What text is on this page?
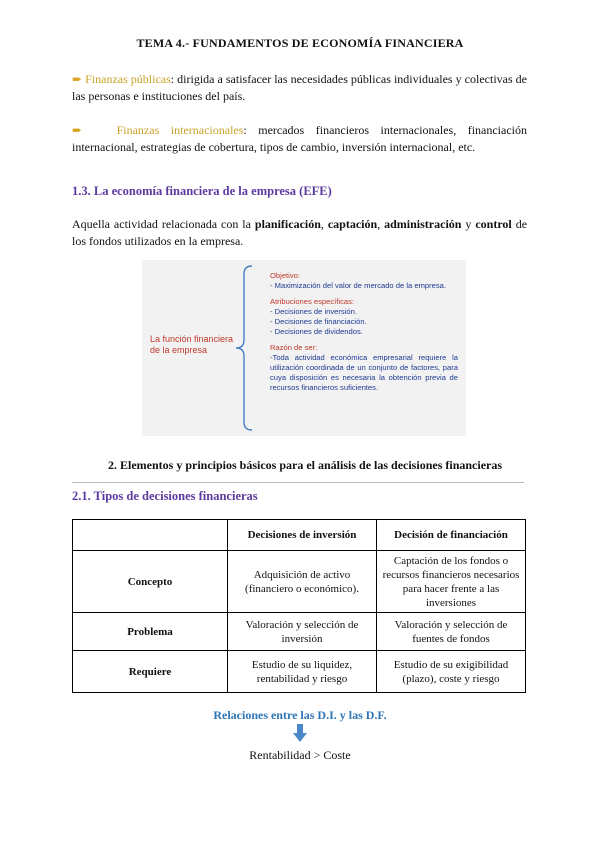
TEMA 4.- FUNDAMENTOS DE ECONOMÍA FINANCIERA
➨ Finanzas públicas: dirigida a satisfacer las necesidades públicas individuales y colectivas de las personas e instituciones del país.
➨	Finanzas internacionales: mercados financieros internacionales, financiación internacional, estrategias de cobertura, tipos de cambio, inversión internacional, etc.
1.3. La economía financiera de la empresa (EFE)
Aquella actividad relacionada con la planificación, captación, administración y control de los fondos utilizados en la empresa.
La función financiera
de la empresa
Objetivo:
- Maximización del valor de mercado de la empresa.
Atribuciones específicas:
- Decisiones de inversión.
- Decisiones de financiación.
- Decisiones de dividendos.
Razón de ser:
-Toda actividad económica empresarial requiere la utilización coordinada de un conjunto de factores, para cuya disposición es necesaria la obtención previa de recursos financieros suficientes.
2. Elementos y principios básicos para el análisis de las decisiones financieras
2.1. Tipos de decisiones financieras
	Decisiones de inversión	Decisión de financiación
Concepto	Adquisición de activo (financiero o económico).	Captación de los fondos o recursos financieros necesarios para hacer frente a las inversiones
Problema	Valoración y selección de inversión	Valoración y selección de fuentes de fondos
Requiere	Estudio de su liquidez, rentabilidad y riesgo	Estudio de su exigibilidad (plazo), coste y riesgo
Relaciones entre las D.I. y las D.F.
Rentabilidad > Coste
